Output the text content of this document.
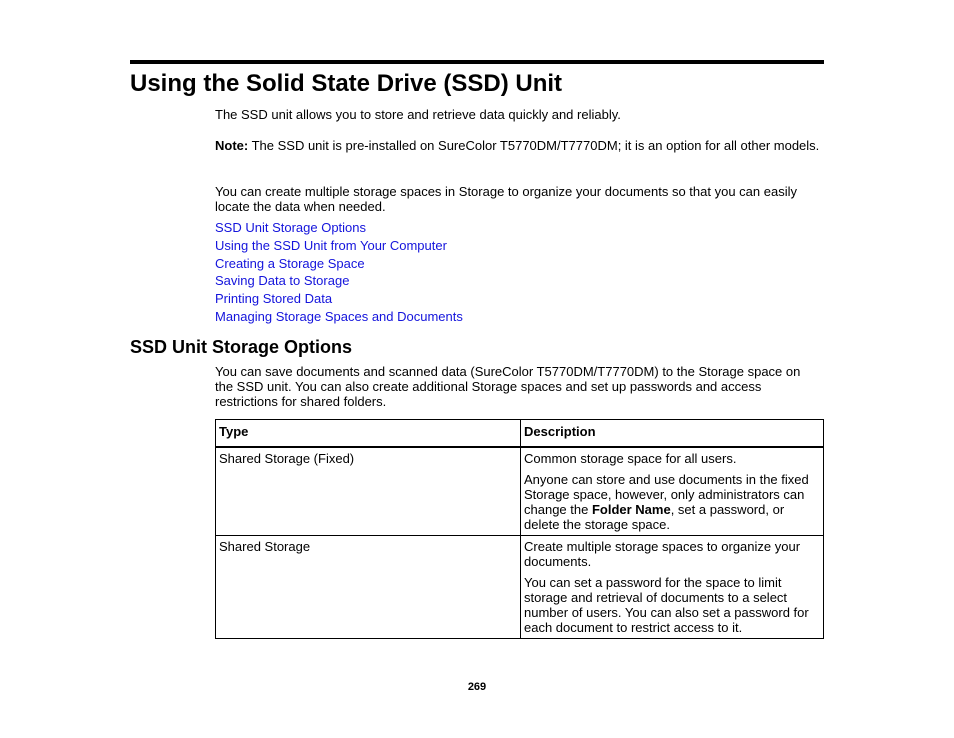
Using the Solid State Drive (SSD) Unit

The SSD unit allows you to store and retrieve data quickly and reliably.

Note: The SSD unit is pre-installed on SureColor T5770DM/T7770DM; it is an option for all other models.

You can create multiple storage spaces in Storage to organize your documents so that you can easily locate the data when needed.

SSD Unit Storage Options
Using the SSD Unit from Your Computer
Creating a Storage Space
Saving Data to Storage
Printing Stored Data
Managing Storage Spaces and Documents
SSD Unit Storage Options

You can save documents and scanned data (SureColor T5770DM/T7770DM) to the Storage space on the SSD unit. You can also create additional Storage spaces and set up passwords and access restrictions for shared folders.

Type	Description
Shared Storage (Fixed)	Common storage space for all users.

Anyone can store and use documents in the fixed Storage space, however, only administrators can change the Folder Name, set a password, or delete the storage space.

Shared Storage	Create multiple storage spaces to organize your documents.

You can set a password for the space to limit storage and retrieval of documents to a select number of users. You can also set a password for each document to restrict access to it.

269
